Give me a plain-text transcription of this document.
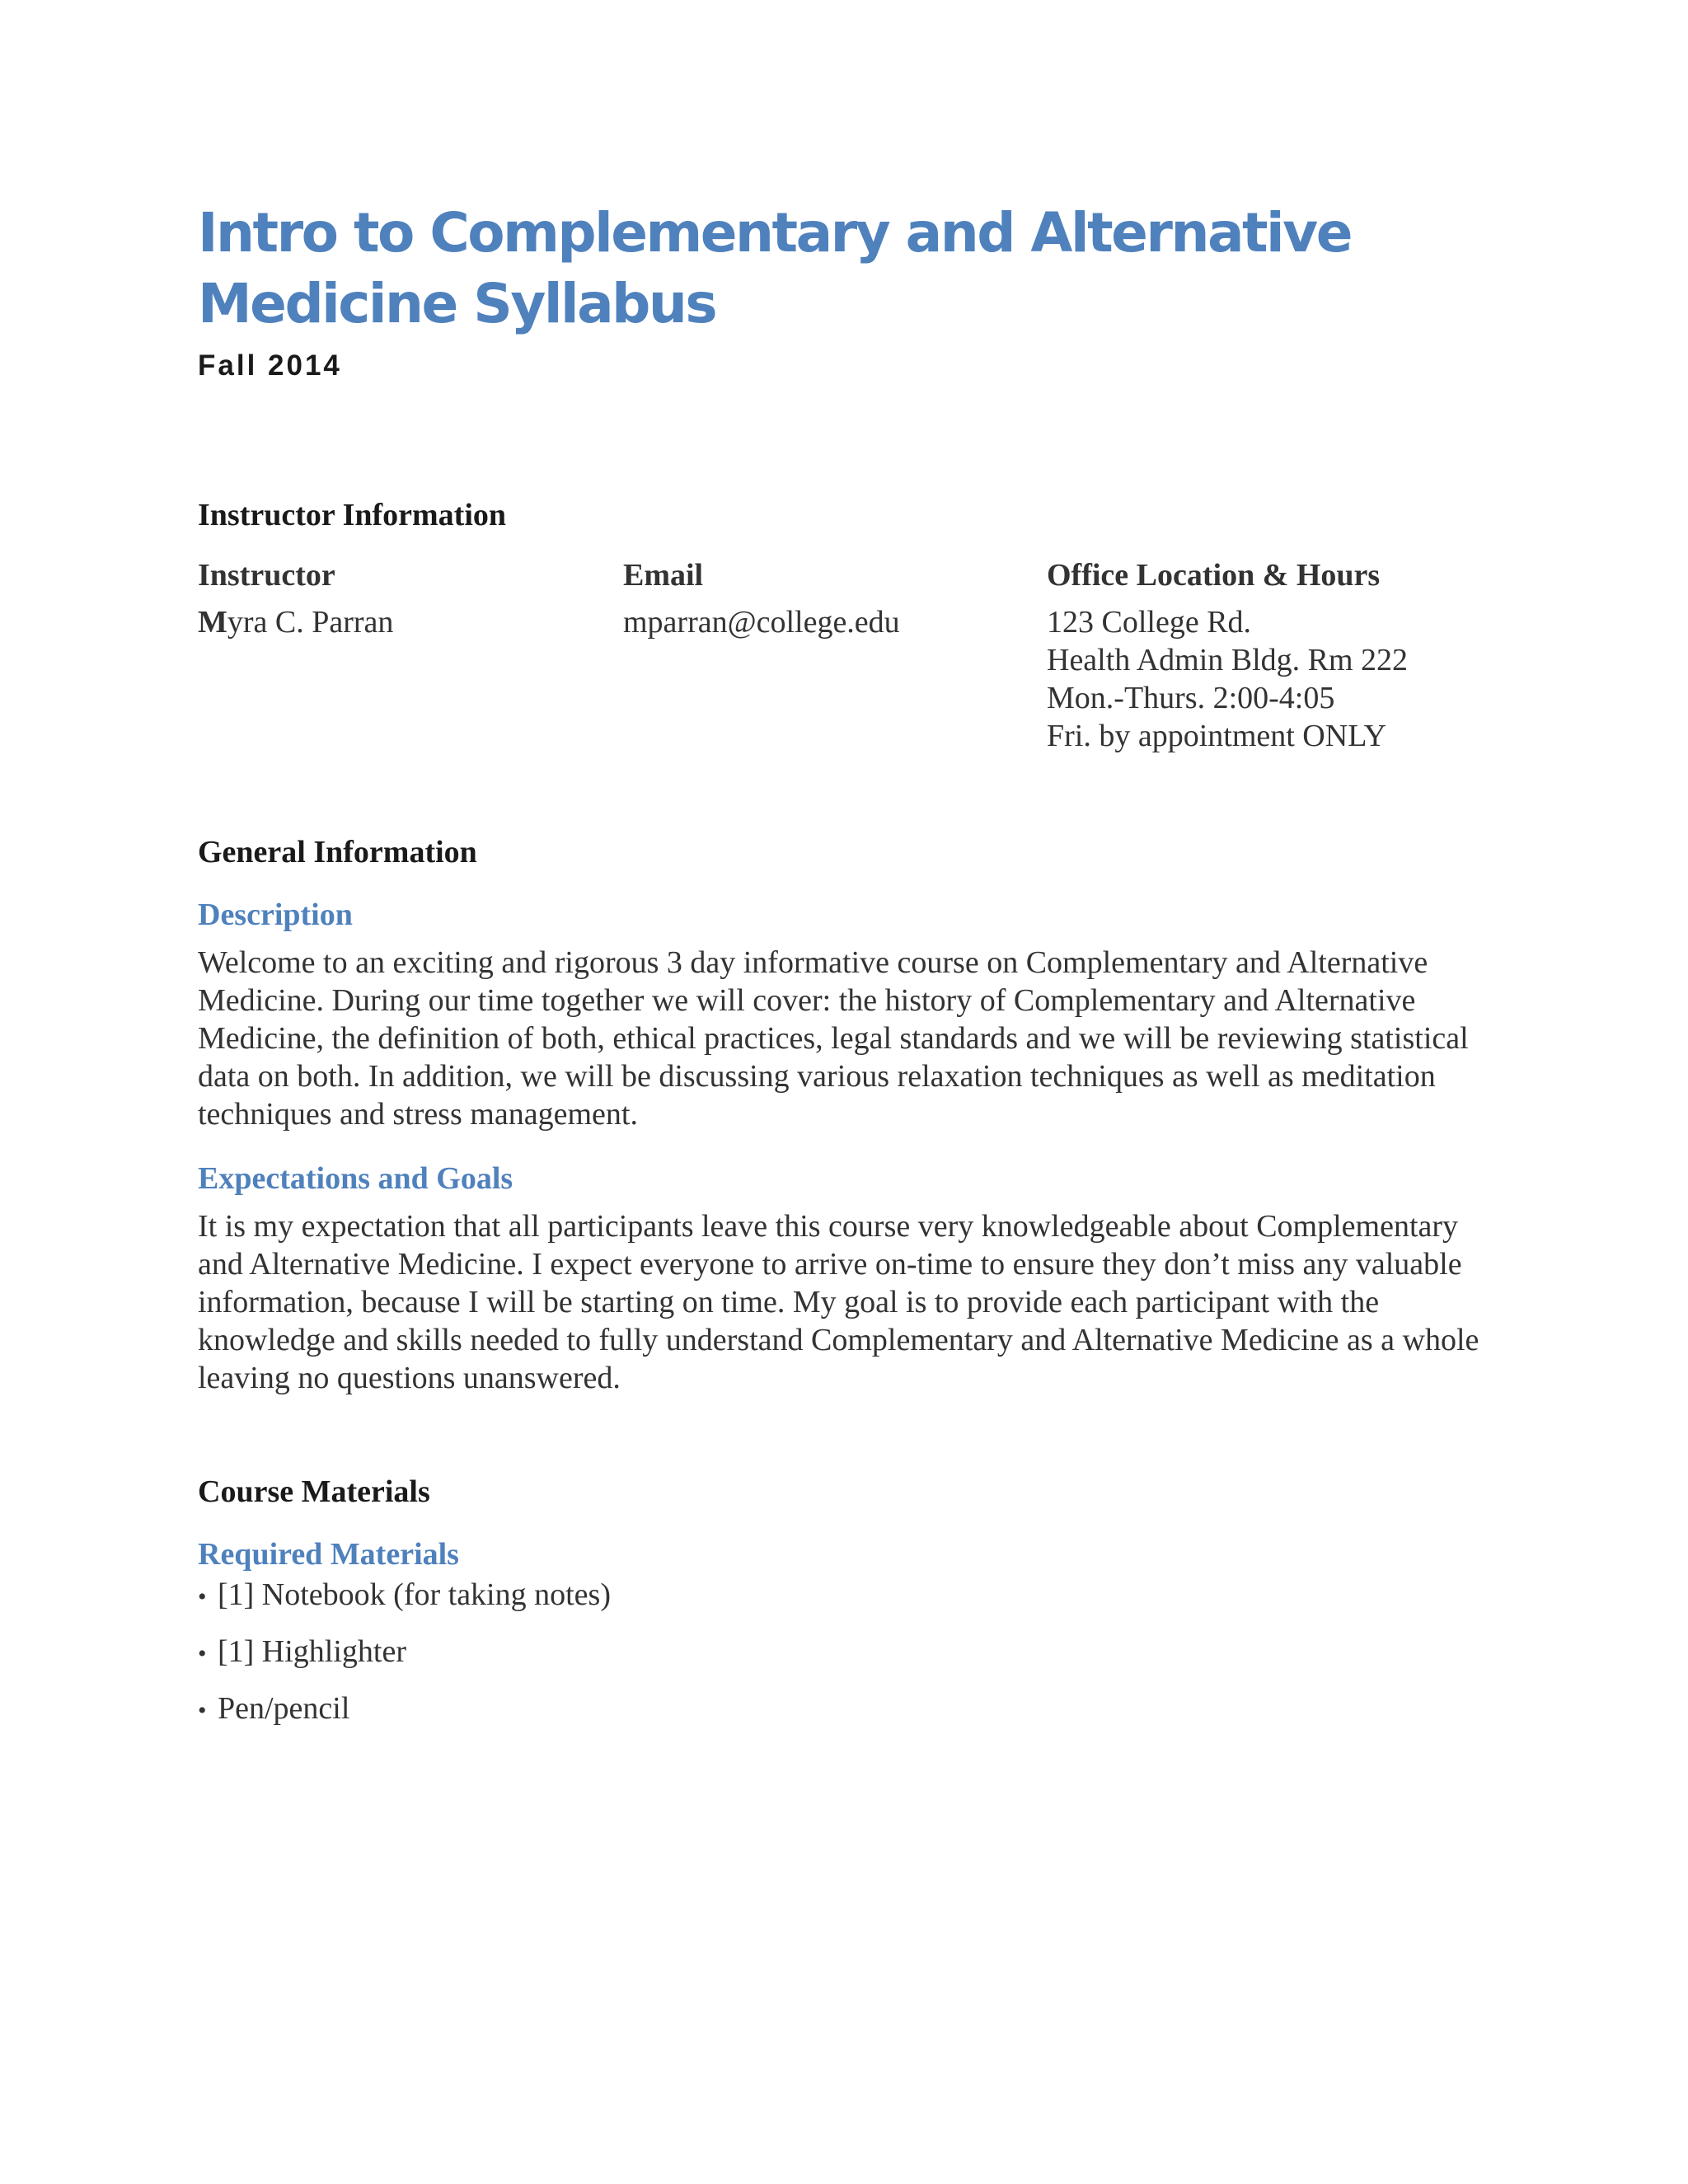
Intro to Complementary and Alternative Medicine Syllabus

Fall 2014

Instructor Information

Instructor

Myra C. Parran

Email

mparran@college.edu

Office Location & Hours

123 College Rd.

Health Admin Bldg. Rm 222

Mon.-Thurs. 2:00-4:05

Fri. by appointment ONLY

General Information
Description

Welcome to an exciting and rigorous 3 day informative course on Complementary and Alternative Medicine. During our time together we will cover: the history of Complementary and Alternative Medicine, the definition of both, ethical practices, legal standards and we will be reviewing statistical data on both. In addition, we will be discussing various relaxation techniques as well as meditation techniques and stress management.

Expectations and Goals

It is my expectation that all participants leave this course very knowledgeable about Complementary and Alternative Medicine. I expect everyone to arrive on-time to ensure they don’t miss any valuable information, because I will be starting on time. My goal is to provide each participant with the knowledge and skills needed to fully understand Complementary and Alternative Medicine as a whole leaving no questions unanswered.

Course Materials
Required Materials
• [1] Notebook (for taking notes)
• [1] Highlighter
• Pen/pencil
